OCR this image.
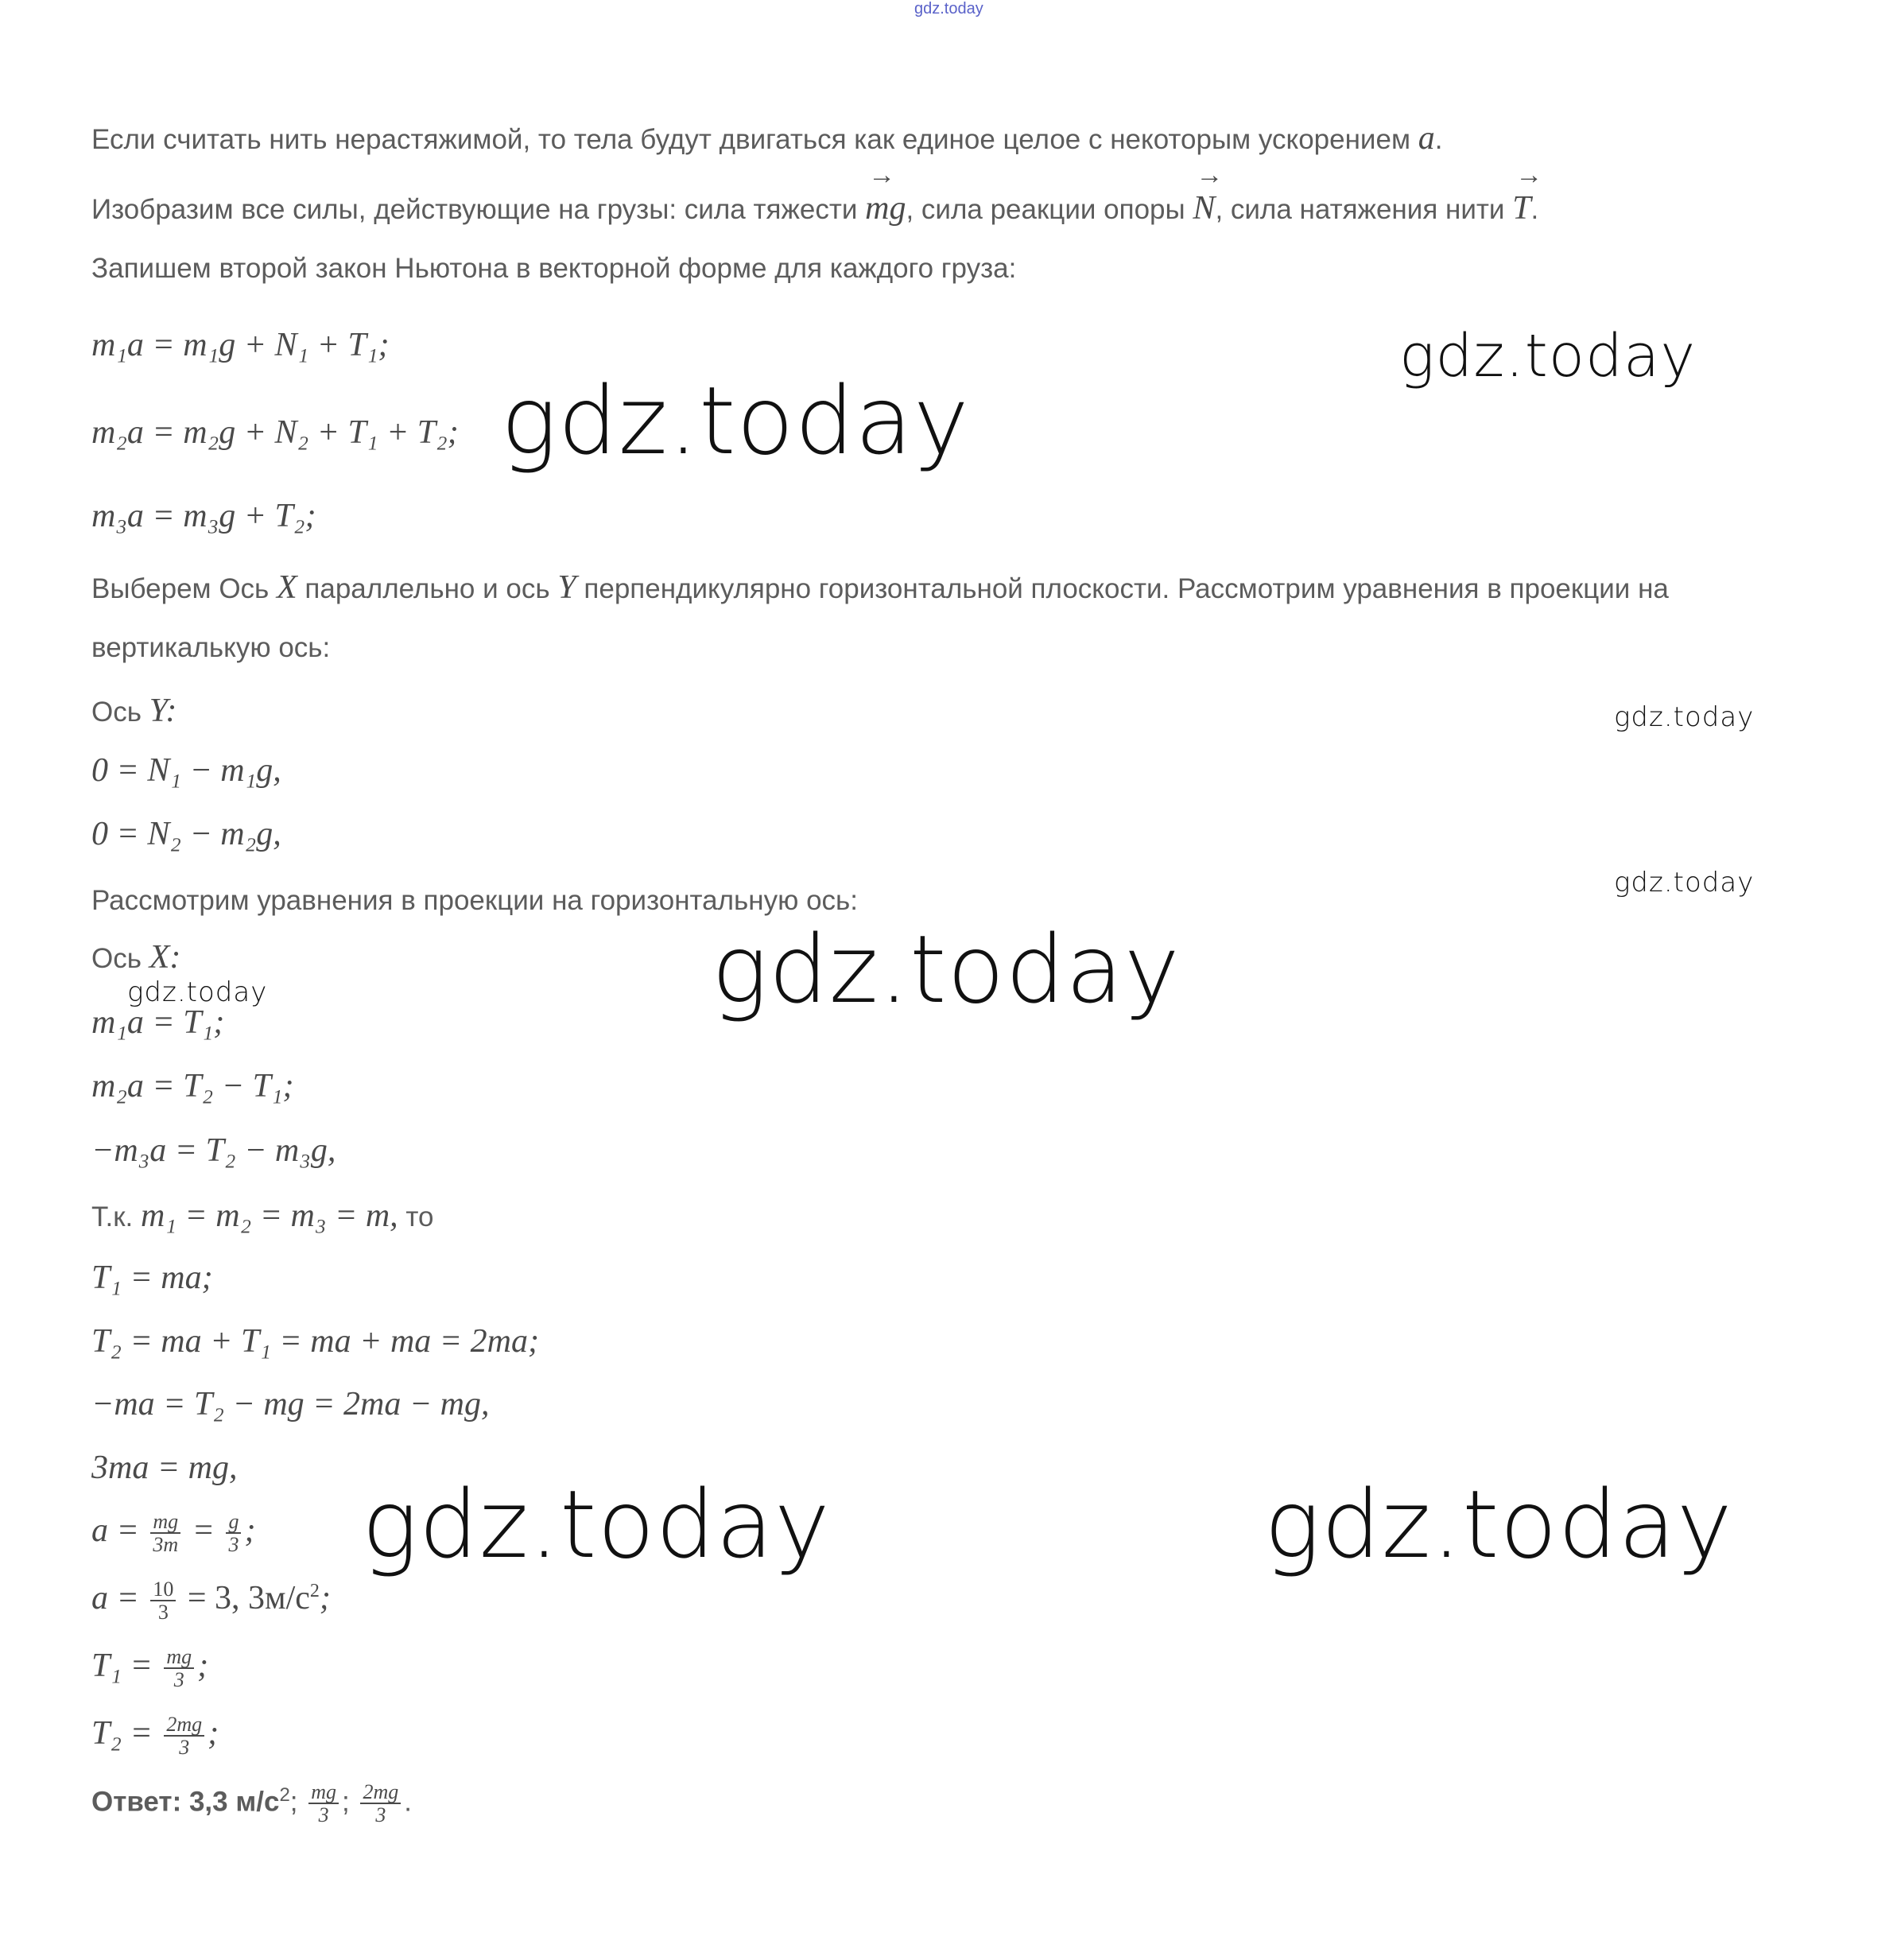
gdz.today
Если считать нить нерастяжимой, то тела будут двигаться как единое целое с некоторым ускорением a.
Изобразим все силы, действующие на грузы: сила тяжести → mg, сила реакции опоры → N, сила натяжения нити → T.
Запишем второй закон Ньютона в векторной форме для каждого груза:
m₁a = m₁g + N₁ + T₁;
m₂a = m₂g + N₂ + T₁ + T₂;
m₃a = m₃g + T₂;
Выберем Ось X параллельно и ось Y перпендикулярно горизонтальной плоскости. Рассмотрим уравнения в проекции на
вертикалькую ось:
Ось Y:
0 = N₁ − m₁g,
0 = N₂ − m₂g,
Рассмотрим уравнения в проекции на горизонтальную ось:
Ось X:
m₁a = T₁;
m₂a = T₂ − T₁;
−m₃a = T₂ − m₃g,
Т.к. m₁ = m₂ = m₃ = m, то
T₁ = ma;
T₂ = ma + T₁ = ma + ma = 2ma;
−ma = T₂ − mg = 2ma − mg,
3ma = mg,
$a = \frac{mg}{3m} = \frac{g}{3}$ ;
$a = \frac{10}{3} = 3$, $3м/с^2$;
$T_1 = \frac{mg}{3}$ ;
$T_2 = \frac{2mg}{3}$ ;
Ответ: 3,3 $м/с^2$; $\frac{mg}{3}$ ; $\frac{2mg}{3}$ .
gdz.today
gdz.today
gdz.today
gdz.today
gdz.today
gdz.today
gdz.today	gdz.today
